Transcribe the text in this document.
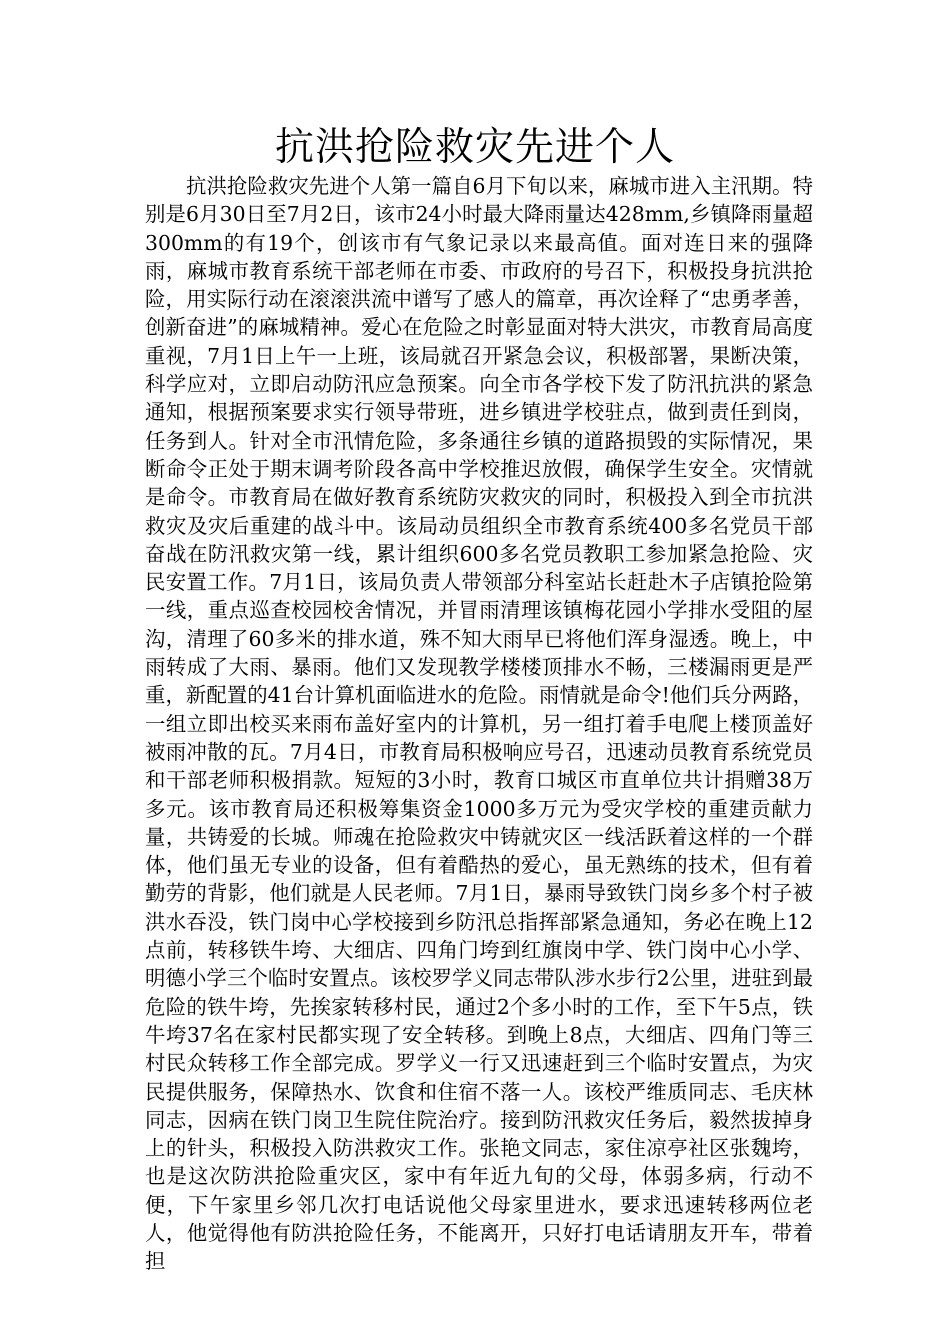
抗洪抢险救灾先进个人

抗洪抢险救灾先进个人第一篇自6月下旬以来，麻城市进入主汛期。特别是6月30日至7月2日，该市24小时最大降雨量达428mm,乡镇降雨量超300mm的有19个，创该市有气象记录以来最高值。面对连日来的强降雨，麻城市教育系统干部老师在市委、市政府的号召下，积极投身抗洪抢险，用实际行动在滚滚洪流中谱写了感人的篇章，再次诠释了“忠勇孝善，创新奋进”的麻城精神。爱心在危险之时彰显面对特大洪灾，市教育局高度重视，7月1日上午一上班，该局就召开紧急会议，积极部署，果断决策，科学应对，立即启动防汛应急预案。向全市各学校下发了防汛抗洪的紧急通知，根据预案要求实行领导带班，进乡镇进学校驻点，做到责任到岗，任务到人。针对全市汛情危险，多条通往乡镇的道路损毁的实际情况，果断命令正处于期末调考阶段各高中学校推迟放假，确保学生安全。灾情就是命令。市教育局在做好教育系统防灾救灾的同时，积极投入到全市抗洪救灾及灾后重建的战斗中。该局动员组织全市教育系统400多名党员干部奋战在防汛救灾第一线，累计组织600多名党员教职工参加紧急抢险、灾民安置工作。7月1日，该局负责人带领部分科室站长赶赴木子店镇抢险第一线，重点巡查校园校舍情况，并冒雨清理该镇梅花园小学排水受阻的屋沟，清理了60多米的排水道，殊不知大雨早已将他们浑身湿透。晚上，中雨转成了大雨、暴雨。他们又发现教学楼楼顶排水不畅，三楼漏雨更是严重，新配置的41台计算机面临进水的危险。雨情就是命令!他们兵分两路，一组立即出校买来雨布盖好室内的计算机，另一组打着手电爬上楼顶盖好被雨冲散的瓦。7月4日，市教育局积极响应号召，迅速动员教育系统党员和干部老师积极捐款。短短的3小时，教育口城区市直单位共计捐赠38万多元。该市教育局还积极筹集资金1000多万元为受灾学校的重建贡献力量，共铸爱的长城。师魂在抢险救灾中铸就灾区一线活跃着这样的一个群体，他们虽无专业的设备，但有着酷热的爱心，虽无熟练的技术，但有着勤劳的背影，他们就是人民老师。7月1日，暴雨导致铁门岗乡多个村子被洪水吞没，铁门岗中心学校接到乡防汛总指挥部紧急通知，务必在晚上12点前，转移铁牛垮、大细店、四角门垮到红旗岗中学、铁门岗中心小学、明德小学三个临时安置点。该校罗学义同志带队涉水步行2公里，进驻到最危险的铁牛垮，先挨家转移村民，通过2个多小时的工作，至下午5点，铁牛垮37名在家村民都实现了安全转移。到晚上8点，大细店、四角门等三村民众转移工作全部完成。罗学义一行又迅速赶到三个临时安置点，为灾民提供服务，保障热水、饮食和住宿不落一人。该校严维质同志、毛庆林同志，因病在铁门岗卫生院住院治疗。接到防汛救灾任务后，毅然拔掉身上的针头，积极投入防洪救灾工作。张艳文同志，家住凉亭社区张魏垮，也是这次防洪抢险重灾区，家中有年近九旬的父母，体弱多病，行动不便，下午家里乡邻几次打电话说他父母家里进水，要求迅速转移两位老人，他觉得他有防洪抢险任务，不能离开，只好打电话请朋友开车，带着担
